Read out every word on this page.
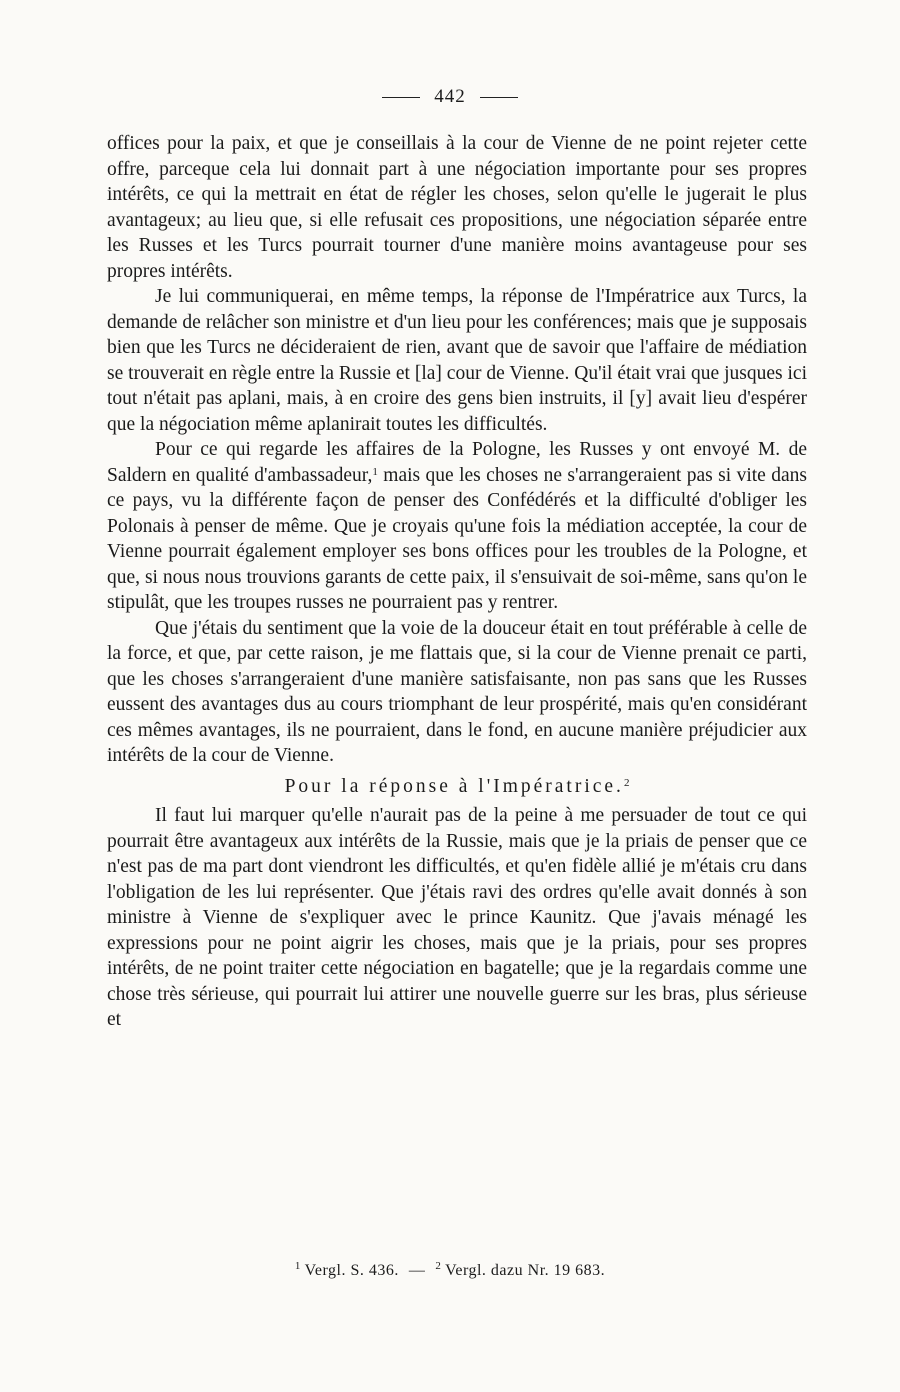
442

offices pour la paix, et que je conseillais à la cour de Vienne de ne point rejeter cette offre, parceque cela lui donnait part à une négociation importante pour ses propres intérêts, ce qui la mettrait en état de régler les choses, selon qu'elle le jugerait le plus avantageux; au lieu que, si elle refusait ces propositions, une négociation séparée entre les Russes et les Turcs pourrait tourner d'une manière moins avantageuse pour ses propres intérêts.

Je lui communiquerai, en même temps, la réponse de l'Impératrice aux Turcs, la demande de relâcher son ministre et d'un lieu pour les conférences; mais que je supposais bien que les Turcs ne décideraient de rien, avant que de savoir que l'affaire de médiation se trouverait en règle entre la Russie et [la] cour de Vienne. Qu'il était vrai que jusques ici tout n'était pas aplani, mais, à en croire des gens bien instruits, il [y] avait lieu d'espérer que la négociation même aplanirait toutes les difficultés.

Pour ce qui regarde les affaires de la Pologne, les Russes y ont envoyé M. de Saldern en qualité d'ambassadeur,$^1$ mais que les choses ne s'arrangeraient pas si vite dans ce pays, vu la différente façon de penser des Confédérés et la difficulté d'obliger les Polonais à penser de même. Que je croyais qu'une fois la médiation acceptée, la cour de Vienne pourrait également employer ses bons offices pour les troubles de la Pologne, et que, si nous nous trouvions garants de cette paix, il s'ensuivait de soi-même, sans qu'on le stipulât, que les troupes russes ne pourraient pas y rentrer.

Que j'étais du sentiment que la voie de la douceur était en tout préférable à celle de la force, et que, par cette raison, je me flattais que, si la cour de Vienne prenait ce parti, que les choses s'arrangeraient d'une manière satisfaisante, non pas sans que les Russes eussent des avantages dus au cours triomphant de leur prospérité, mais qu'en considérant ces mêmes avantages, ils ne pourraient, dans le fond, en aucune manière préjudicier aux intérêts de la cour de Vienne.

Pour la réponse à l'Impératrice.$^2$

Il faut lui marquer qu'elle n'aurait pas de la peine à me persuader de tout ce qui pourrait être avantageux aux intérêts de la Russie, mais que je la priais de penser que ce n'est pas de ma part dont viendront les difficultés, et qu'en fidèle allié je m'étais cru dans l'obligation de les lui représenter. Que j'étais ravi des ordres qu'elle avait donnés à son ministre à Vienne de s'expliquer avec le prince Kaunitz. Que j'avais ménagé les expressions pour ne point aigrir les choses, mais que je la priais, pour ses propres intérêts, de ne point traiter cette négociation en bagatelle; que je la regardais comme une chose très sérieuse, qui pourrait lui attirer une nouvelle guerre sur les bras, plus sérieuse et

$^1$ Vergl. S. 436. — $^2$ Vergl. dazu Nr. 19 683.
